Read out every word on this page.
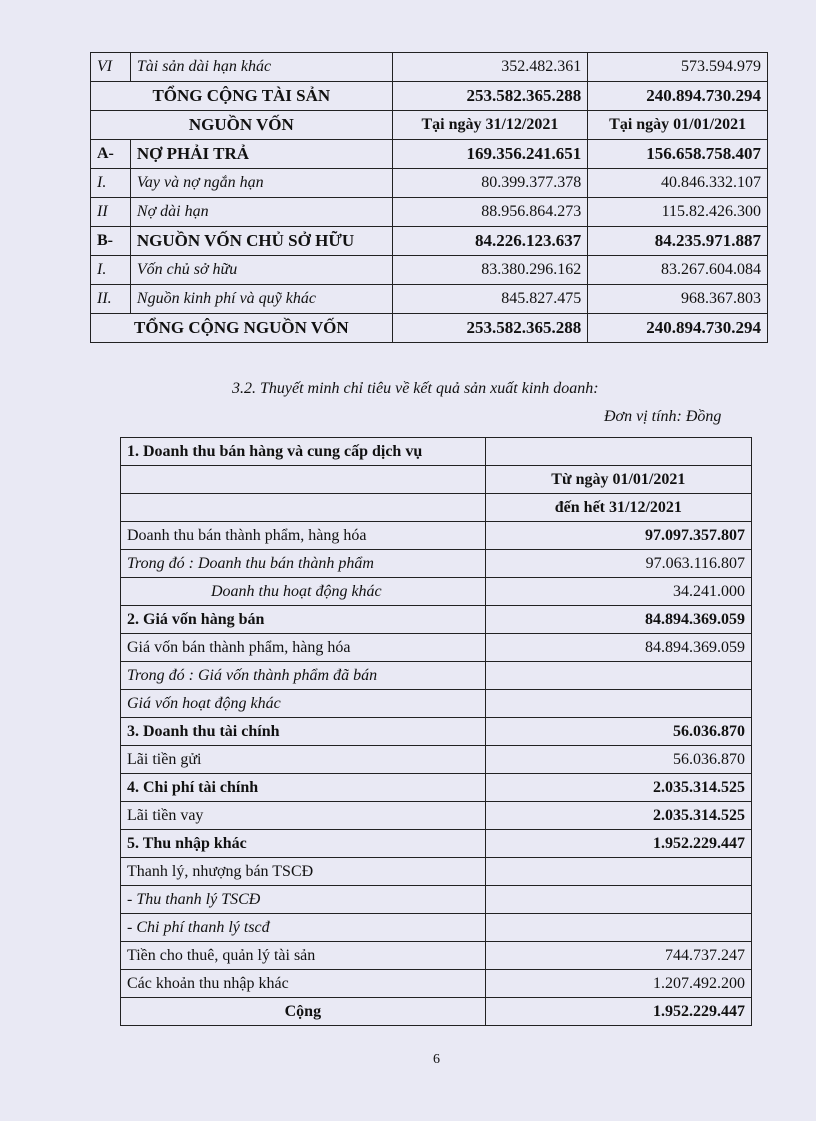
VI	Tài sản dài hạn khác	352.482.361	573.594.979
TỔNG CỘNG TÀI SẢN		253.582.365.288	240.894.730.294
NGUỒN VỐN		Tại ngày 31/12/2021	Tại ngày 01/01/2021
A-	NỢ PHẢI TRẢ	169.356.241.651	156.658.758.407
I.	Vay và nợ ngắn hạn	80.399.377.378	40.846.332.107
II	Nợ dài hạn	88.956.864.273	115.82.426.300
B-	NGUỒN VỐN CHỦ SỞ HỮU	84.226.123.637	84.235.971.887
I.	Vốn chủ sở hữu	83.380.296.162	83.267.604.084
II.	Nguồn kinh phí và quỹ khác	845.827.475	968.367.803
TỔNG CỘNG NGUỒN VỐN		253.582.365.288	240.894.730.294
3.2. Thuyết minh chỉ tiêu về kết quả sản xuất kinh doanh:
Đơn vị tính: Đồng
1. Doanh thu bán hàng và cung cấp dịch vụ	
	Từ ngày 01/01/2021
	đến hết 31/12/2021
Doanh thu bán thành phẩm, hàng hóa	97.097.357.807
Trong đó : Doanh thu bán thành phẩm	97.063.116.807
Doanh thu hoạt động khác	34.241.000
2. Giá vốn hàng bán	84.894.369.059
Giá vốn bán thành phẩm, hàng hóa	84.894.369.059
Trong đó : Giá vốn thành phẩm đã bán	
Giá vốn hoạt động khác	
3. Doanh thu tài chính	56.036.870
Lãi tiền gửi	56.036.870
4. Chi phí tài chính	2.035.314.525
Lãi tiền vay	2.035.314.525
5. Thu nhập khác	1.952.229.447
Thanh lý, nhượng bán TSCĐ	
- Thu thanh lý TSCĐ	
- Chi phí thanh lý tscđ	
Tiền cho thuê, quản lý tài sản	744.737.247
Các khoản thu nhập khác	1.207.492.200
Cộng	1.952.229.447
6
